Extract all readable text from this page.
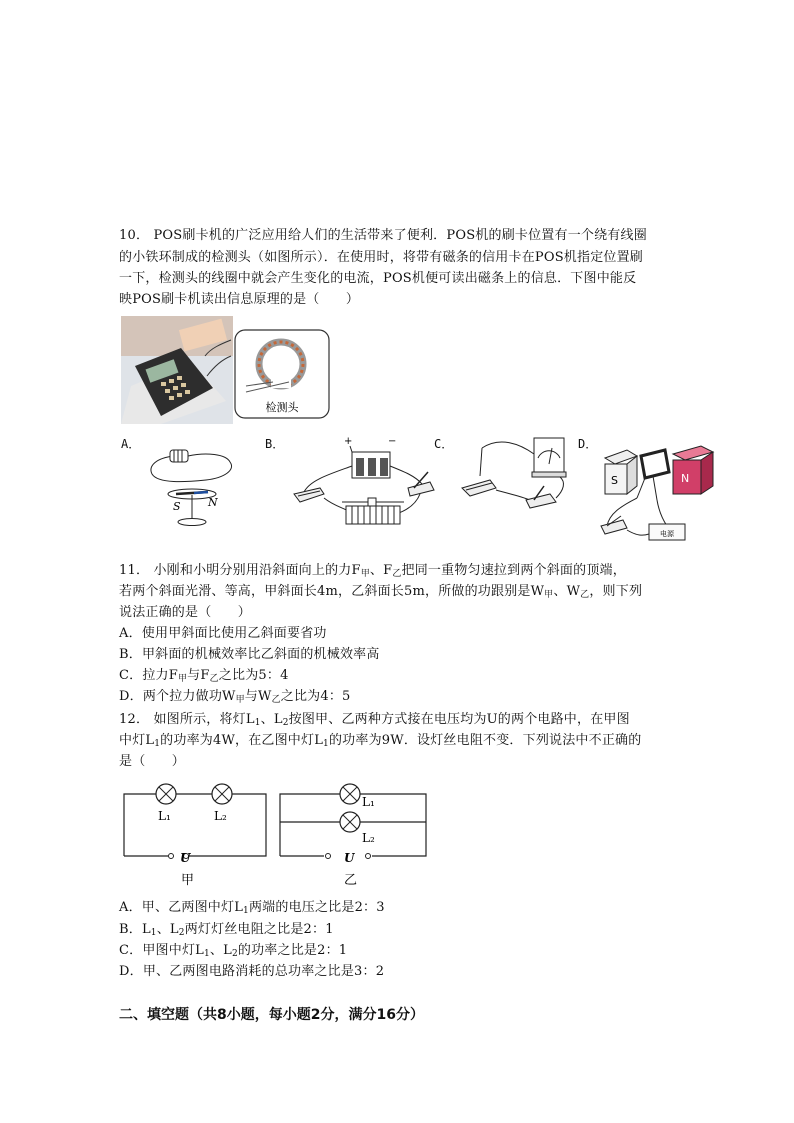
10． POS刷卡机的广泛应用给人们的生活带来了便利．POS机的刷卡位置有一个绕有线圈
的小铁环制成的检测头（如图所示）．在使用时，将带有磁条的信用卡在POS机指定位置刷
一下，检测头的线圈中就会产生变化的电流，POS机便可读出磁条上的信息．下图中能反
映POS刷卡机读出信息原理的是（　　）
检测头
A．	B．	C．	D．
S N
+	−
S	N
电源
11． 小刚和小明分别用沿斜面向上的力$F_甲$、$F_乙$把同一重物匀速拉到两个斜面的顶端，
若两个斜面光滑、等高，甲斜面长4m，乙斜面长5m，所做的功跟别是$W_甲$、$W_乙$，则下列
说法正确的是（　　）
A．使用甲斜面比使用乙斜面要省功
B．甲斜面的机械效率比乙斜面的机械效率高
C．拉力$F_甲$与$F_乙$之比为5：4
D．两个拉力做功$W_甲$与$W_乙$之比为4：5
12． 如图所示，将灯$L_1$、$L_2$按图甲、乙两种方式接在电压均为U的两个电路中，在甲图
中灯$L_1$的功率为4W，在乙图中灯$L_1$的功率为9W．设灯丝电阻不变．下列说法中不正确的
是（　　）
L₁	L₂
U
甲
L₁
L₂
U
乙
A．甲、乙两图中灯$L_1$两端的电压之比是2：3
B．$L_1$、$L_2$两灯灯丝电阻之比是2：1
C．甲图中灯$L_1$、$L_2$的功率之比是2：1
D．甲、乙两图电路消耗的总功率之比是3：2
二、填空题（共8小题，每小题2分，满分16分）
